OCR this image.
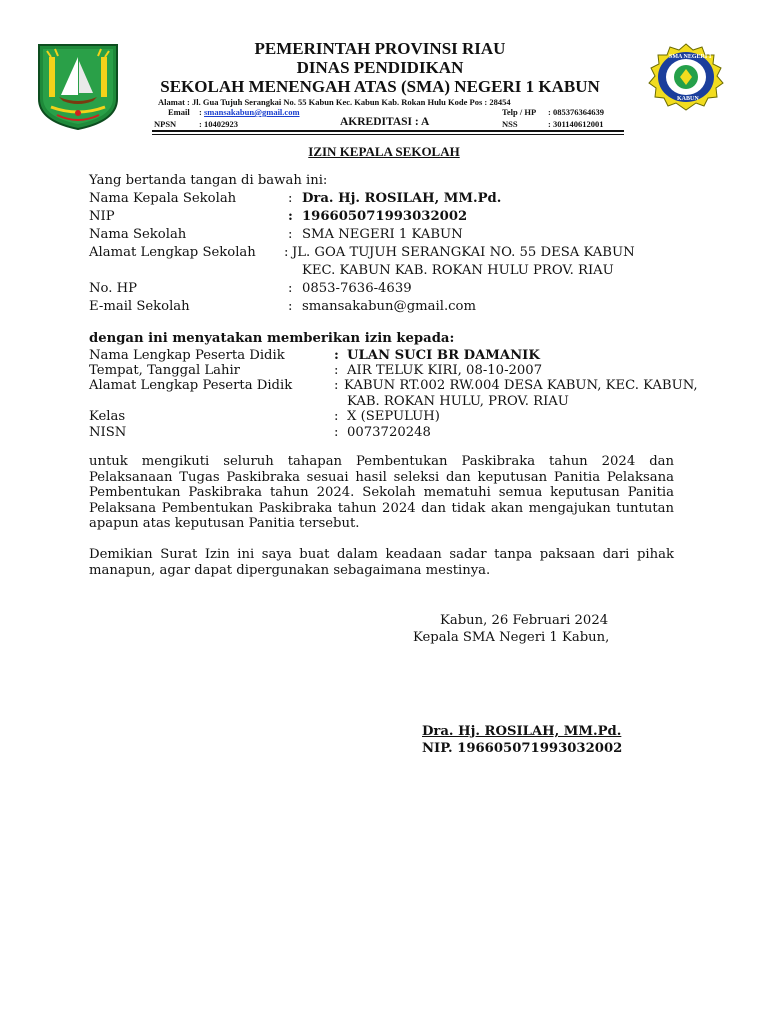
SMA NEGERI 1
KABUN
PEMERINTAH PROVINSI RIAU
DINAS PENDIDIKAN
SEKOLAH MENENGAH ATAS (SMA) NEGERI 1 KABUN
Alamat : Jl. Gua Tujuh Serangkai No. 55 Kabun Kec. Kabun Kab. Rokan Hulu Kode Pos : 28454
Email : smansakabun@gmail.com	Telp / HP : 085376364639
NPSN	: 10402923	AKREDITASI : A	NSS	: 301140612001
IZIN KEPALA SEKOLAH
Yang bertanda tangan di bawah ini:
Nama Kepala Sekolah	: Dra. Hj. ROSILAH, MM.Pd.
NIP	: 196605071993032002
Nama Sekolah	: SMA NEGERI 1 KABUN
Alamat Lengkap Sekolah : JL. GOA TUJUH SERANGKAI NO. 55 DESA KABUN
KEC. KABUN KAB. ROKAN HULU PROV. RIAU
No. HP	: 0853-7636-4639
E-mail Sekolah	: smansakabun@gmail.com
dengan ini menyatakan memberikan izin kepada:
Nama Lengkap Peserta Didik	: ULAN SUCI BR DAMANIK
Tempat, Tanggal Lahir	: AIR TELUK KIRI, 08-10-2007
Alamat Lengkap Peserta Didik	: KABUN RT.002 RW.004 DESA KABUN, KEC. KABUN,
KAB. ROKAN HULU, PROV. RIAU
Kelas	: X (SEPULUH)
NISN	: 0073720248
untuk mengikuti seluruh tahapan Pembentukan Paskibraka tahun 2024 dan Pelaksanaan Tugas Paskibraka sesuai hasil seleksi dan keputusan Panitia Pelaksana Pembentukan Paskibraka tahun 2024. Sekolah mematuhi semua keputusan Panitia Pelaksana Pembentukan Paskibraka tahun 2024 dan tidak akan mengajukan tuntutan apapun atas keputusan Panitia tersebut.
Demikian Surat Izin ini saya buat dalam keadaan sadar tanpa paksaan dari pihak manapun, agar dapat dipergunakan sebagaimana mestinya.
Kabun, 26 Februari 2024
Kepala SMA Negeri 1 Kabun,
Dra. Hj. ROSILAH, MM.Pd.
NIP. 196605071993032002
